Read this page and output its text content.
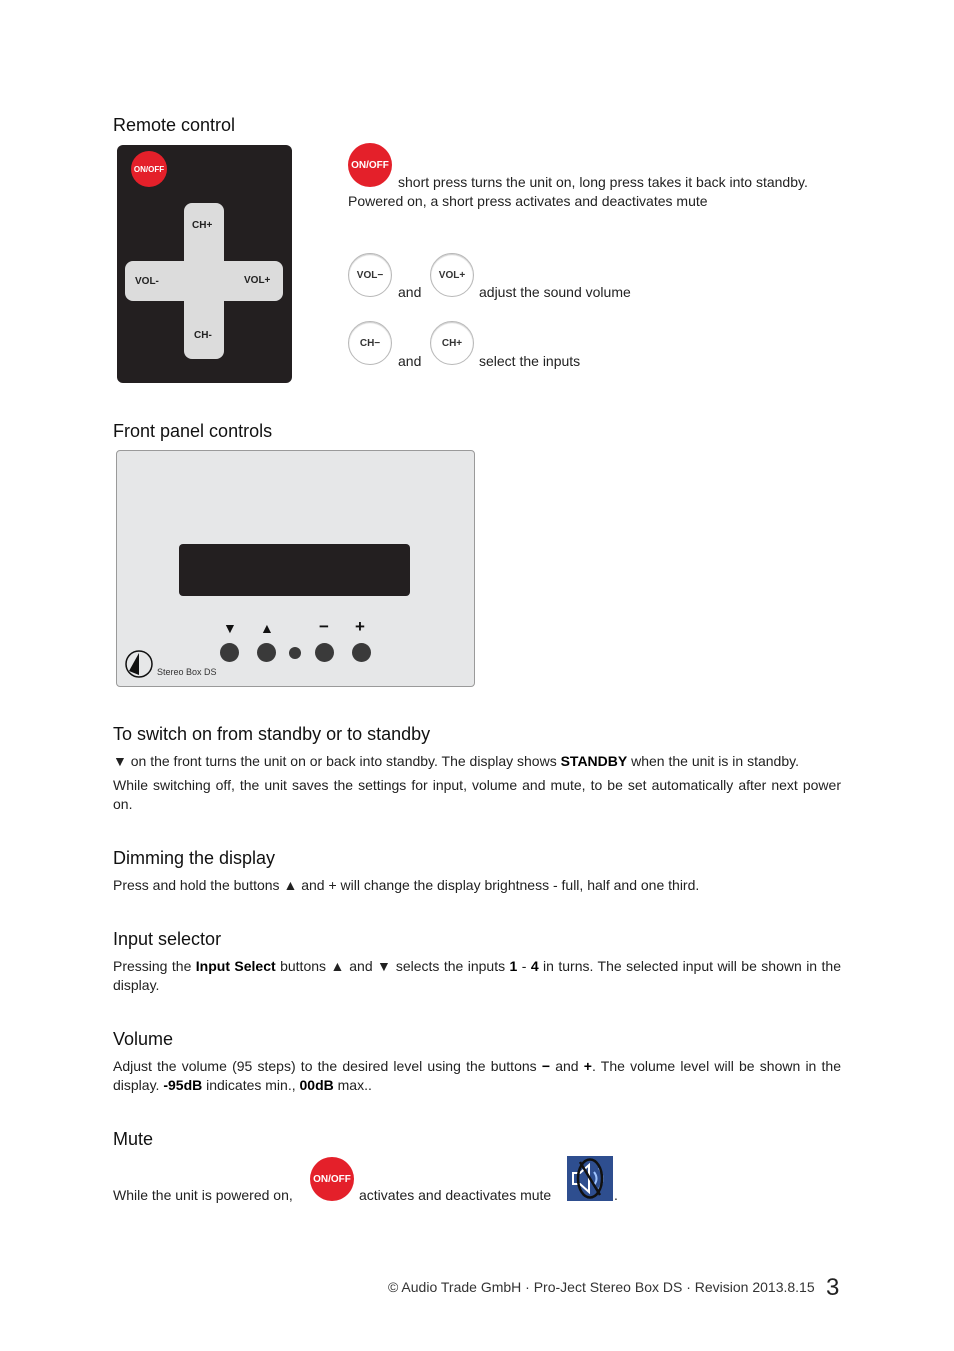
Remote control
ON/OFF
CH+
CH-
VOL-	VOL+
ON/OFF
short press turns the unit on, long press takes it back into standby.
Powered on, a short press activates and deactivates mute
VOL−
and
VOL+
adjust the sound volume
CH−
and
CH+
select the inputs
Front panel controls
▼ ▲	− +
Stereo Box DS
To switch on from standby or to standby
▼ on the front turns the unit on or back into standby. The display shows STANDBY when the unit is in standby.
While switching off, the unit saves the settings for input, volume and mute, to be set automatically after next power on.
Dimming the display
Press and hold the buttons ▲ and + will change the display brightness - full, half and one third.
Input selector
Pressing the Input Select buttons ▲ and ▼ selects the inputs 1 - 4 in turns. The selected input will be shown in the display.
Volume
Adjust the volume (95 steps) to the desired level using the buttons − and +. The volume level will be shown in the display. -95dB indicates min., 00dB max..
Mute
While the unit is powered on,
ON/OFF
activates and deactivates mute	.
© Audio Trade GmbH · Pro-Ject Stereo Box DS · Revision 2013.8.15 3
